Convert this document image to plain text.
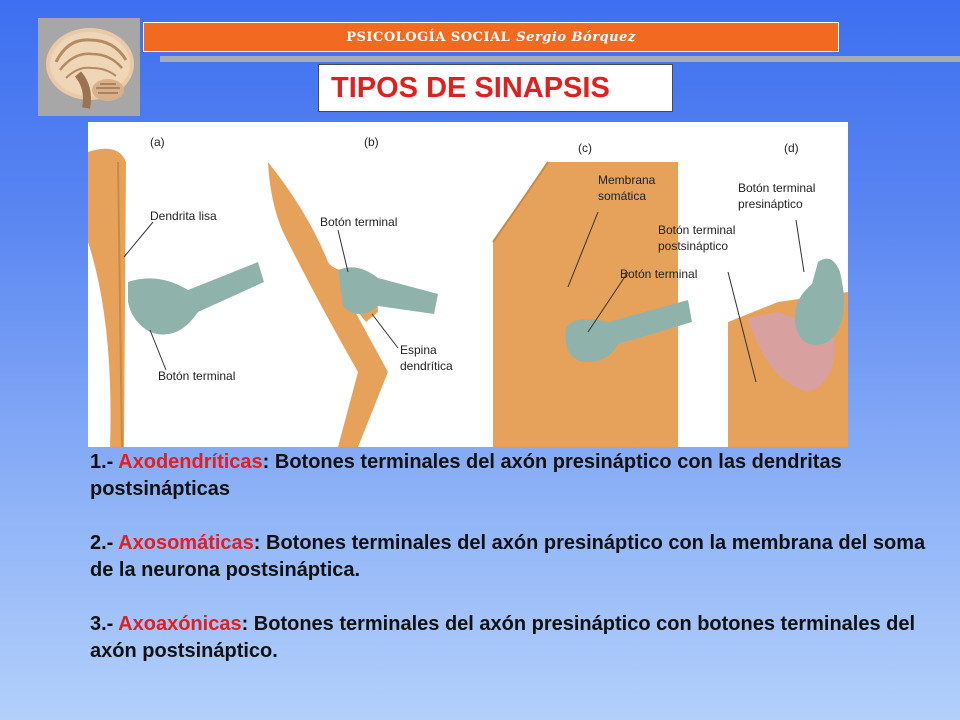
PSICOLOGÍA SOCIAL Sergio Bórquez
TIPOS DE SINAPSIS
(a)
Dendrita lisa
Botón terminal
(b)
Botón terminal
Espina
dendrítica
(c)
Membrana
somática
Botón terminal
(d)
Botón terminal
presináptico
Botón terminal
postsináptico

1.- Axodendríticas: Botones terminales del axón presináptico con las dendritas postsinápticas

2.- Axosomáticas: Botones terminales del axón presináptico con la membrana del soma de la neurona postsináptica.

3.- Axoaxónicas: Botones terminales del axón presináptico con botones terminales del axón postsináptico.
